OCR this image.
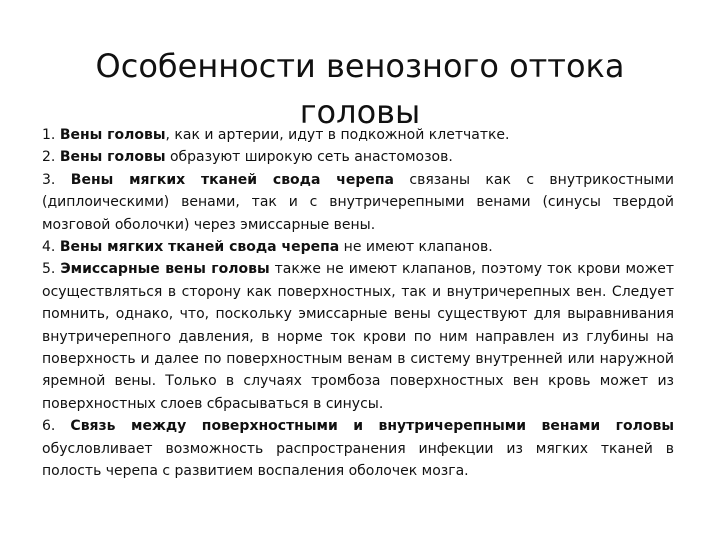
Особенности венозного оттока
головы

1. Вены головы, как и артерии, идут в подкожной клетчатке.

2. Вены головы образуют широкую сеть анастомозов.

3. Вены мягких тканей свода черепа связаны как с внутрикостными (диплоическими) венами, так и с внутричерепными венами (синусы твердой мозговой оболочки) через эмиссарные вены.

4. Вены мягких тканей свода черепа не имеют клапанов.

5. Эмиссарные вены головы также не имеют клапанов, поэтому ток крови может осуществляться в сторону как поверхностных, так и внутричерепных вен. Следует помнить, однако, что, поскольку эмиссарные вены существуют для выравнивания внутричерепного давления, в норме ток крови по ним направлен из глубины на поверхность и далее по поверхностным венам в систему внутренней или наружной яремной вены. Только в случаях тромбоза поверхностных вен кровь может из поверхностных слоев сбрасываться в синусы.

6. Связь между поверхностными и внутричерепными венами головы обусловливает возможность распространения инфекции из мягких тканей в полость черепа с развитием воспаления оболочек мозга.
